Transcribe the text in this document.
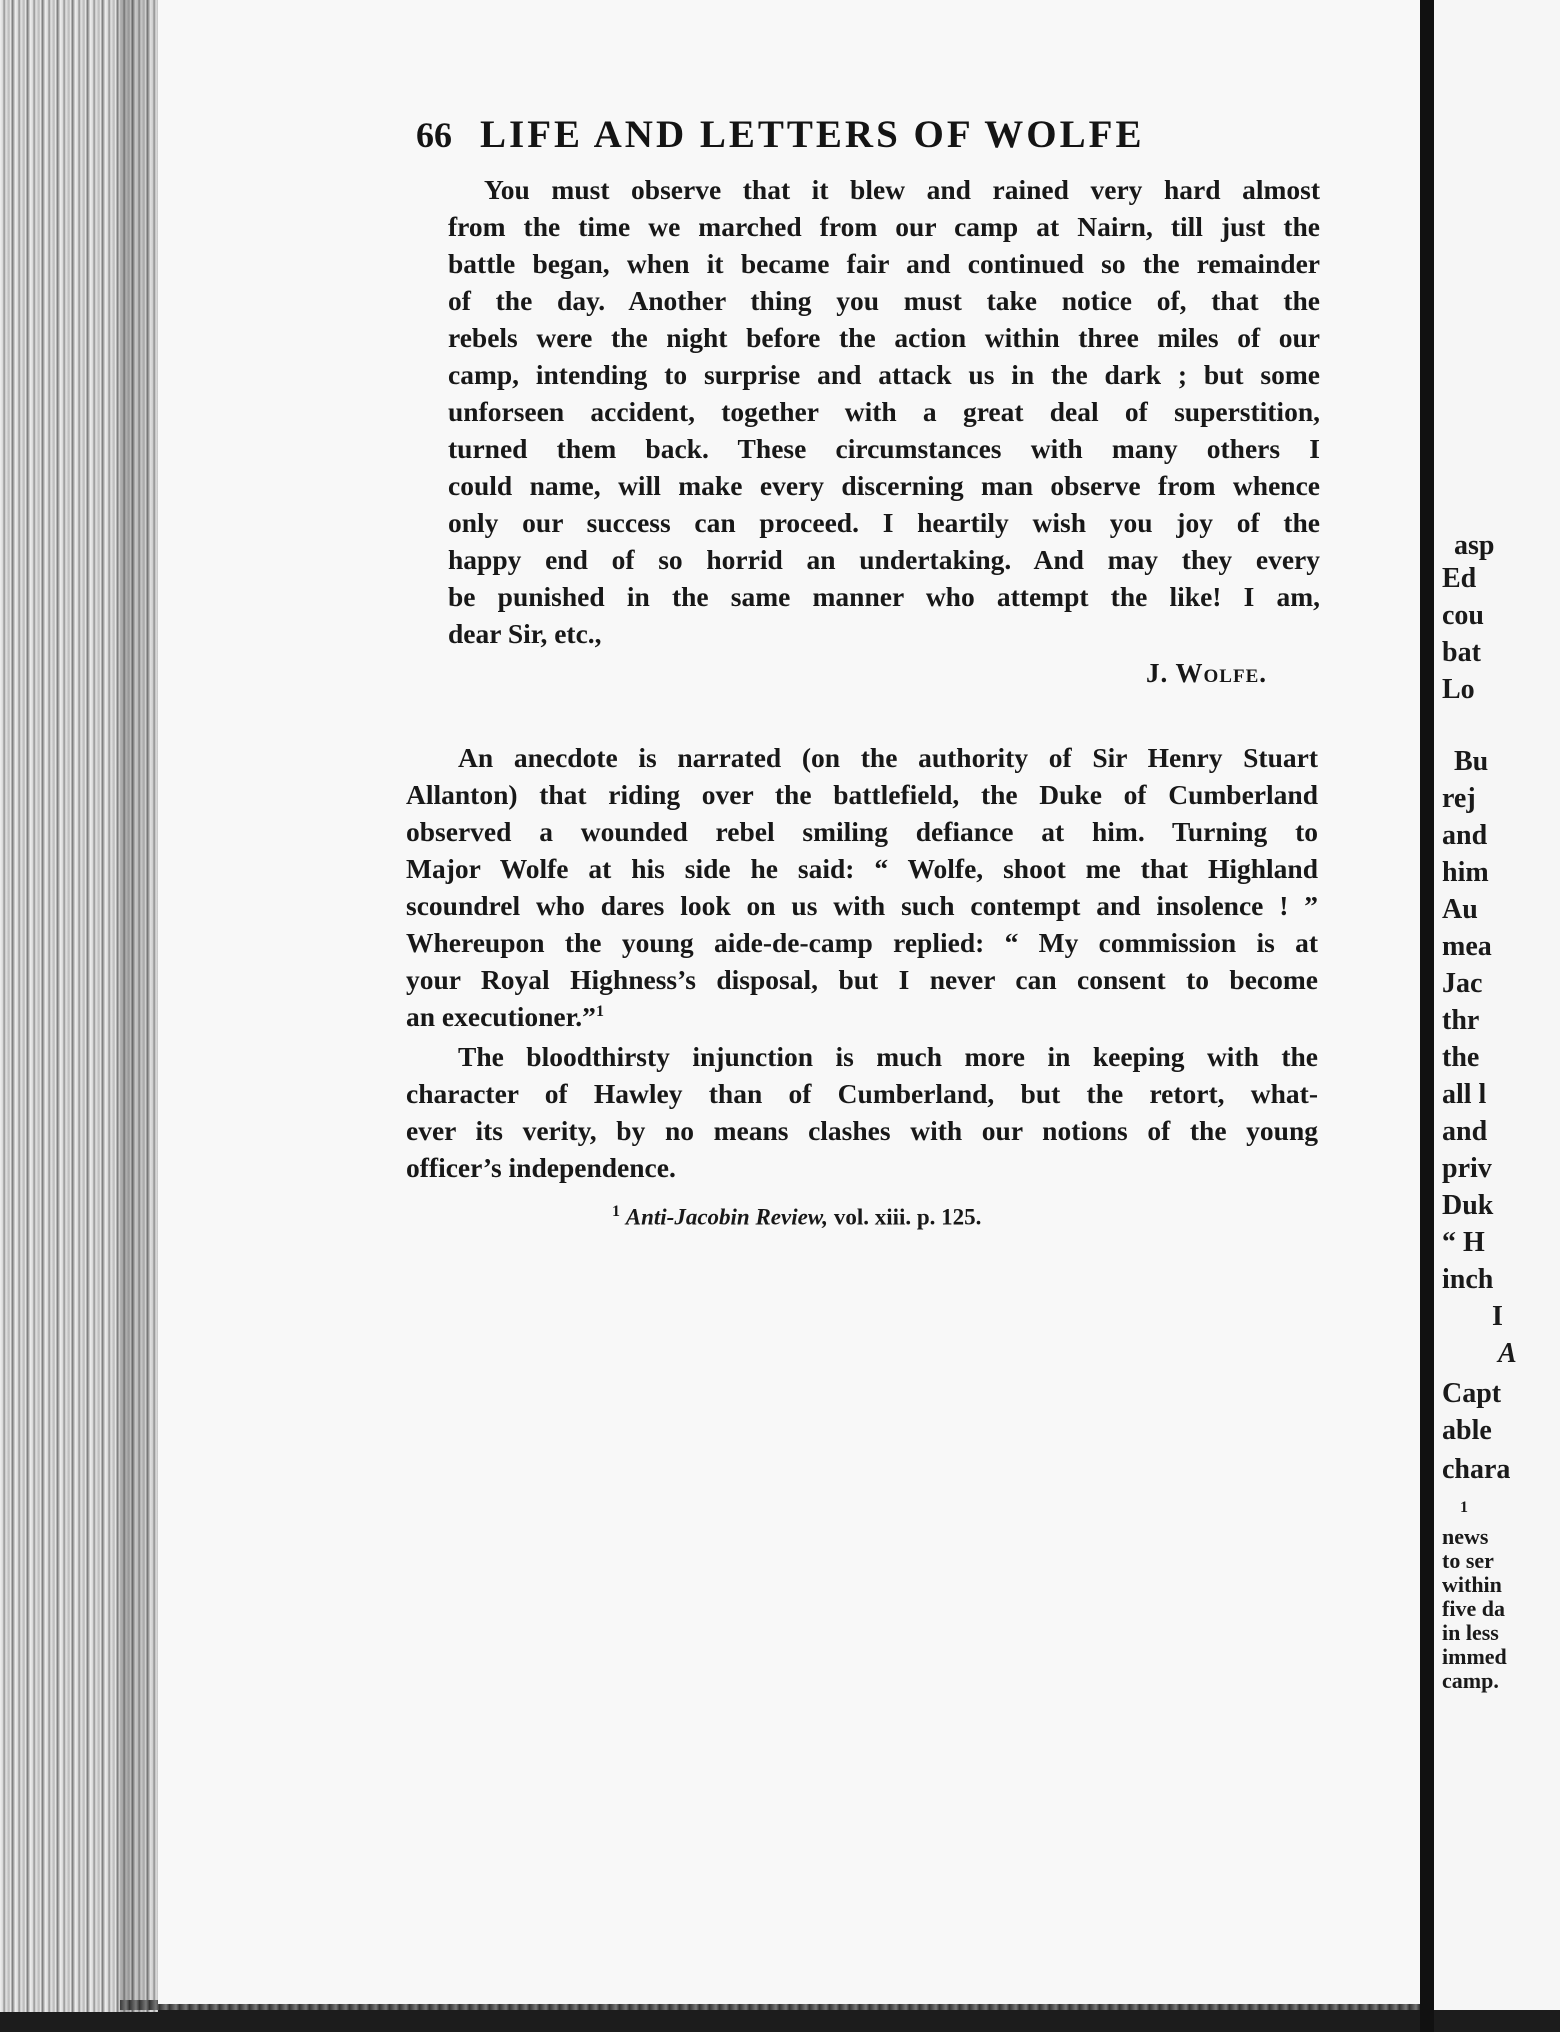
66 LIFE AND LETTERS OF WOLFE
You must observe that it blew and rained very hard almost
from the time we marched from our camp at Nairn, till just the
battle began, when it became fair and continued so the remainder
of the day. Another thing you must take notice of, that the
rebels were the night before the action within three miles of our
camp, intending to surprise and attack us in the dark ; but some
unforseen accident, together with a great deal of superstition,
turned them back. These circumstances with many others I
could name, will make every discerning man observe from whence
only our success can proceed. I heartily wish you joy of the
happy end of so horrid an undertaking. And may they every
be punished in the same manner who attempt the like! I am,
dear Sir, etc.,
J. Wolfe.
An anecdote is narrated (on the authority of Sir Henry Stuart
Allanton) that riding over the battlefield, the Duke of Cumberland
observed a wounded rebel smiling defiance at him. Turning to
Major Wolfe at his side he said: “ Wolfe, shoot me that Highland
scoundrel who dares look on us with such contempt and insolence ! ”
Whereupon the young aide-de-camp replied: “ My commission is at
your Royal Highness’s disposal, but I never can consent to become
an executioner.”$^1$
The bloodthirsty injunction is much more in keeping with the
character of Hawley than of Cumberland, but the retort, what-
ever its verity, by no means clashes with our notions of the young
officer’s independence.
$^1$ Anti-Jacobin Review, vol. xiii. p. 125.
asp
Ed
cou
bat
Lo
Bu
rej
and
him
Au
mea
Jac
thr
the
all l
and
priv
Duk
“ H
inch
I
A
Capt
able
chara
1
news
to ser
within
five da
in less
immed
camp.
